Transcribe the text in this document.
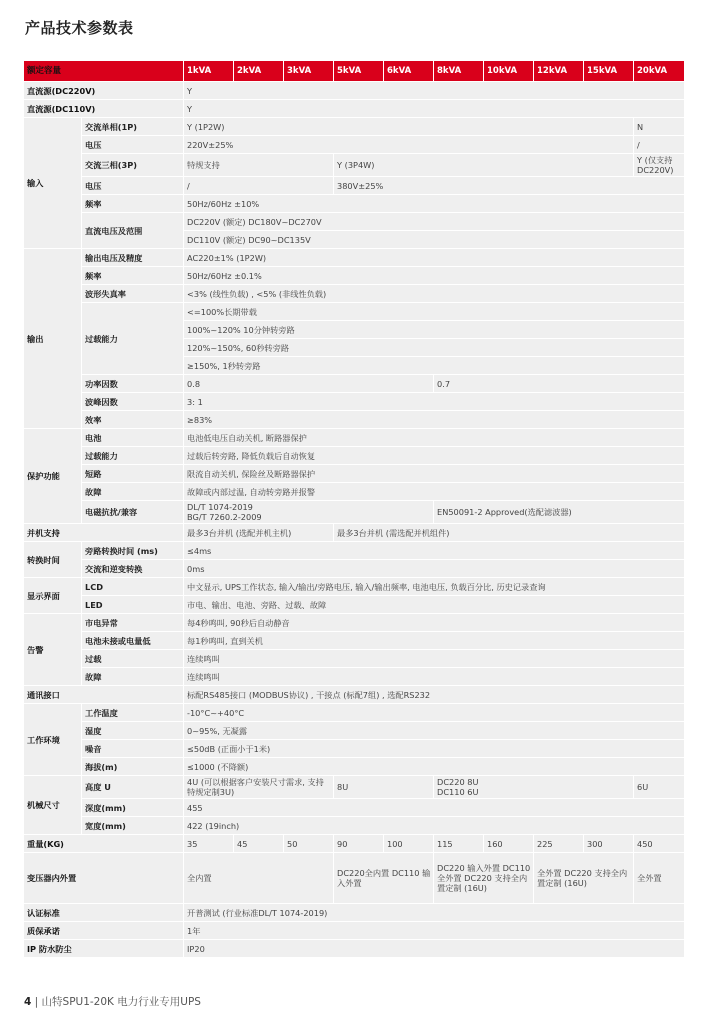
产品技术参数表
额定容量		1kVA	2kVA	3kVA	5kVA	6kVA	8kVA	10kVA	12kVA	15kVA	20kVA
直流源(DC220V)		Y									
直流源(DC110V)		Y									
输入	交流单相(1P)	Y (1P2W)									N
	电压	220V±25%									/
	交流三相(3P)	特规支持			Y (3P4W)						Y (仅支持DC220V)
	电压	/			380V±25%						
	频率	50Hz/60Hz ±10%									
	直流电压及范围	DC220V (额定) DC180V~DC270V									
		DC110V (额定) DC90~DC135V									
输出	输出电压及精度	AC220±1% (1P2W)									
	频率	50Hz/60Hz ±0.1%									
	波形失真率	<3% (线性负载) , <5% (非线性负载)									
	过载能力	<=100%长期带载									
		100%~120% 10分钟转旁路									
		120%~150%, 60秒转旁路									
		≥150%, 1秒转旁路									
	功率因数	0.8					0.7				
	波峰因数	3: 1									
	效率	≥83%									
保护功能	电池	电池低电压自动关机, 断路器保护									
	过载能力	过载后转旁路, 降低负载后自动恢复									
	短路	限流自动关机, 保险丝及断路器保护									
	故障	故障或内部过温, 自动转旁路并报警									
	电磁抗扰/兼容	DL/T 1074-2019
BG/T 7260.2-2009					EN50091-2 Approved(选配滤波器)				
并机支持		最多3台并机 (选配并机主机)			最多3台并机 (需选配并机组件)						
转换时间	旁路转换时间 (ms)	≤4ms									
	交流和逆变转换	0ms									
显示界面	LCD	中文显示, UPS工作状态, 输入/输出/旁路电压, 输入/输出频率, 电池电压, 负载百分比, 历史记录查询									
	LED	市电、输出、电池、旁路、过载、故障									
告警	市电异常	每4秒鸣叫, 90秒后自动静音									
	电池未接或电量低	每1秒鸣叫, 直到关机									
	过载	连续鸣叫									
	故障	连续鸣叫									
通讯接口		标配RS485接口 (MODBUS协议) , 干接点 (标配7组) , 选配RS232									
工作环境	工作温度	-10°C~+40°C									
	湿度	0~95%, 无凝露									
	噪音	≤50dB (正面小于1米)									
	海拔(m)	≤1000 (不降额)									
机械尺寸	高度 U	4U (可以根据客户安装尺寸需求, 支持特规定制3U)			8U		DC220 8U
DC110 6U				6U
	深度(mm)	455									
	宽度(mm)	422 (19inch)									
重量(KG)		35	45	50	90	100	115	160	225	300	450
变压器内外置		全内置			DC220全内置 DC110 输入外置		DC220 输入外置 DC110 全外置 DC220 支持全内置定制 (16U)		全外置 DC220 支持全内置定制 (16U)		全外置
认证标准		开普测试 (行业标准DL/T 1074-2019)									
质保承诺		1年									
IP 防水防尘		IP20									
4 | 山特SPU1-20K 电力行业专用UPS
